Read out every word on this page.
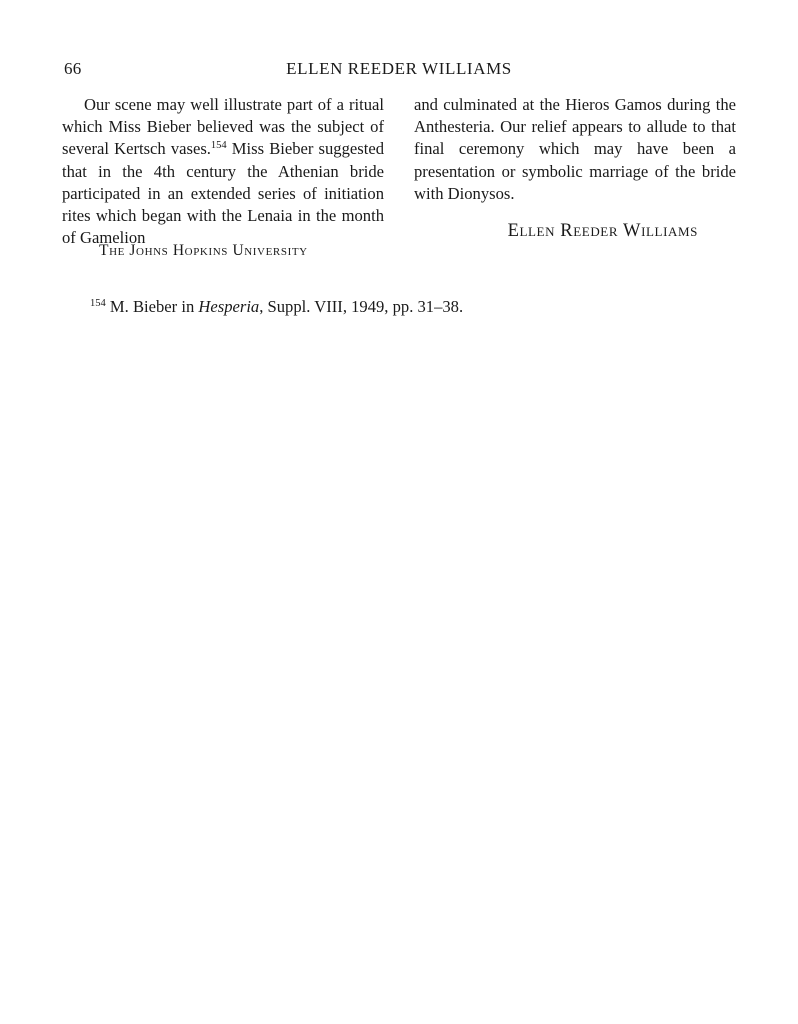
66	ELLEN REEDER WILLIAMS

Our scene may well illustrate part of a ritual which Miss Bieber believed was the subject of several Kertsch vases.$^{154}$ Miss Bieber suggested that in the 4th century the Athenian bride participated in an extended series of initiation rites which began with the Lenaia in the month of Gamelion

and culminated at the Hieros Gamos during the Anthesteria. Our relief appears to allude to that final ceremony which may have been a presentation or symbolic marriage of the bride with Dionysos.

Ellen Reeder Williams
The Johns Hopkins University
$^{154}$ M. Bieber in Hesperia, Suppl. VIII, 1949, pp. 31–38.
